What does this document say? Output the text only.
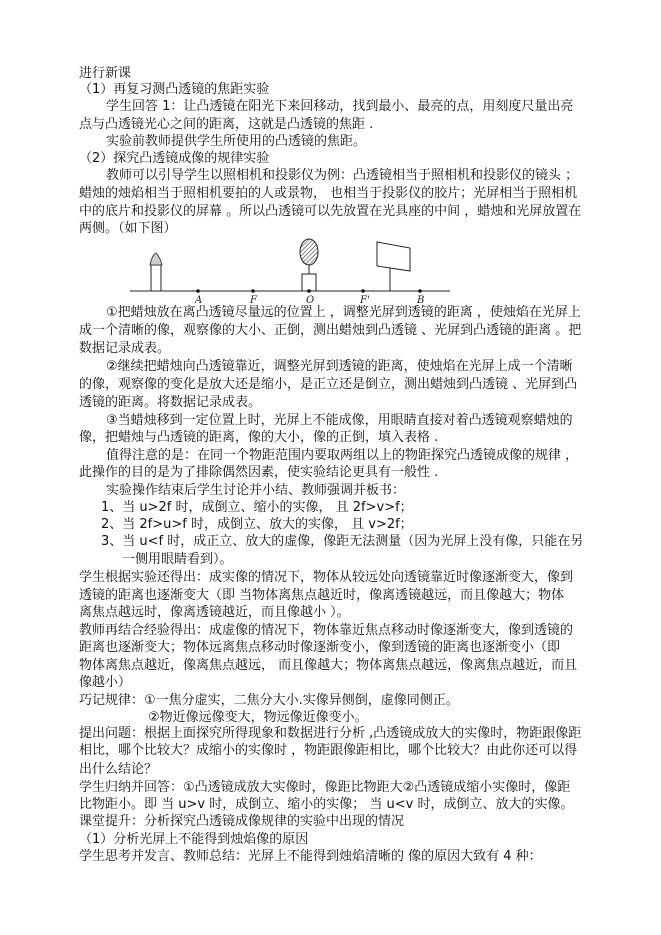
进行新课
（1）再复习测凸透镜的焦距实验
学生回答 1：让凸透镜在阳光下来回移动，找到最小、最亮的点，用刻度尺量出亮
点与凸透镜光心之间的距离，这就是凸透镜的焦距 .
实验前教师提供学生所使用的凸透镜的焦距。
（2）探究凸透镜成像的规律实验
教师可以引导学生以照相机和投影仪为例：凸透镜相当于照相机和投影仪的镜头 ；
蜡烛的烛焰相当于照相机要拍的人或景物， 也相当于投影仪的胶片；光屏相当于照相机
中的底片和投影仪的屏幕 。所以凸透镜可以先放置在光具座的中间 ，蜡烛和光屏放置在
两侧。（如下图）
①把蜡烛放在离凸透镜尽量远的位置上 ，调整光屏到透镜的距离 ，使烛焰在光屏上
成一个清晰的像，观察像的大小、正倒，测出蜡烛到凸透镜 、光屏到凸透镜的距离 。把
数据记录成表。
②继续把蜡烛向凸透镜靠近，调整光屏到透镜的距离，使烛焰在光屏上成一个清晰
的像，观察像的变化是放大还是缩小，是正立还是倒立，测出蜡烛到凸透镜 、光屏到凸
透镜的距离。将数据记录成表。
③当蜡烛移到一定位置上时，光屏上不能成像，用眼睛直接对着凸透镜观察蜡烛的
像，把蜡烛与凸透镜的距离，像的大小，像的正倒，填入表格 .
值得注意的是：在同一个物距范围内要取两组以上的物距探究凸透镜成像的规律 ，
此操作的目的是为了排除偶然因素，使实验结论更具有一般性 .
实验操作结束后学生讨论并小结、教师强调并板书：
1、当 u>2f 时，成倒立、缩小的实像， 且 2f>v>f；
2、当 2f>u>f 时，成倒立、放大的实像， 且 v>2f；
3、当 u<f 时，成正立、放大的虚像，像距无法测量（因为光屏上没有像，只能在另
一侧用眼睛看到）。
学生根据实验还得出：成实像的情况下，物体从较远处向透镜靠近时像逐渐变大，像到
透镜的距离也逐渐变大（即 当物体离焦点越近时，像离透镜越远，而且像越大；物体
离焦点越远时，像离透镜越近，而且像越小 ）。
教师再结合经验得出：成虚像的情况下，物体靠近焦点移动时像逐渐变大，像到透镜的
距离也逐渐变大；物体远离焦点移动时像逐渐变小，像到透镜的距离也逐渐变小（即
物体离焦点越近，像离焦点越远， 而且像越大；物体离焦点越远，像离焦点越近，而且
像越小）
巧记规律：①一焦分虚实，二焦分大小.实像异侧倒，虚像同侧正。
②物近像远像变大，物远像近像变小。
提出问题：根据上面探究所得现象和数据进行分析 ,凸透镜成放大的实像时，物距跟像距
相比，哪个比较大？成缩小的实像时 ，物距跟像距相比，哪个比较大？由此你还可以得
出什么结论？
学生归纳并回答：①凸透镜成放大实像时，像距比物距大②凸透镜成缩小实像时，像距
比物距小。即 当 u>v 时，成倒立、缩小的实像； 当 u<v 时，成倒立、放大的实像。
课堂提升：分析探究凸透镜成像规律的实验中出现的情况
（1）分析光屏上不能得到烛焰像的原因
学生思考并发言、教师总结：光屏上不能得到烛焰清晰的 像的原因大致有 4 种：
A	F	O	F'	B
